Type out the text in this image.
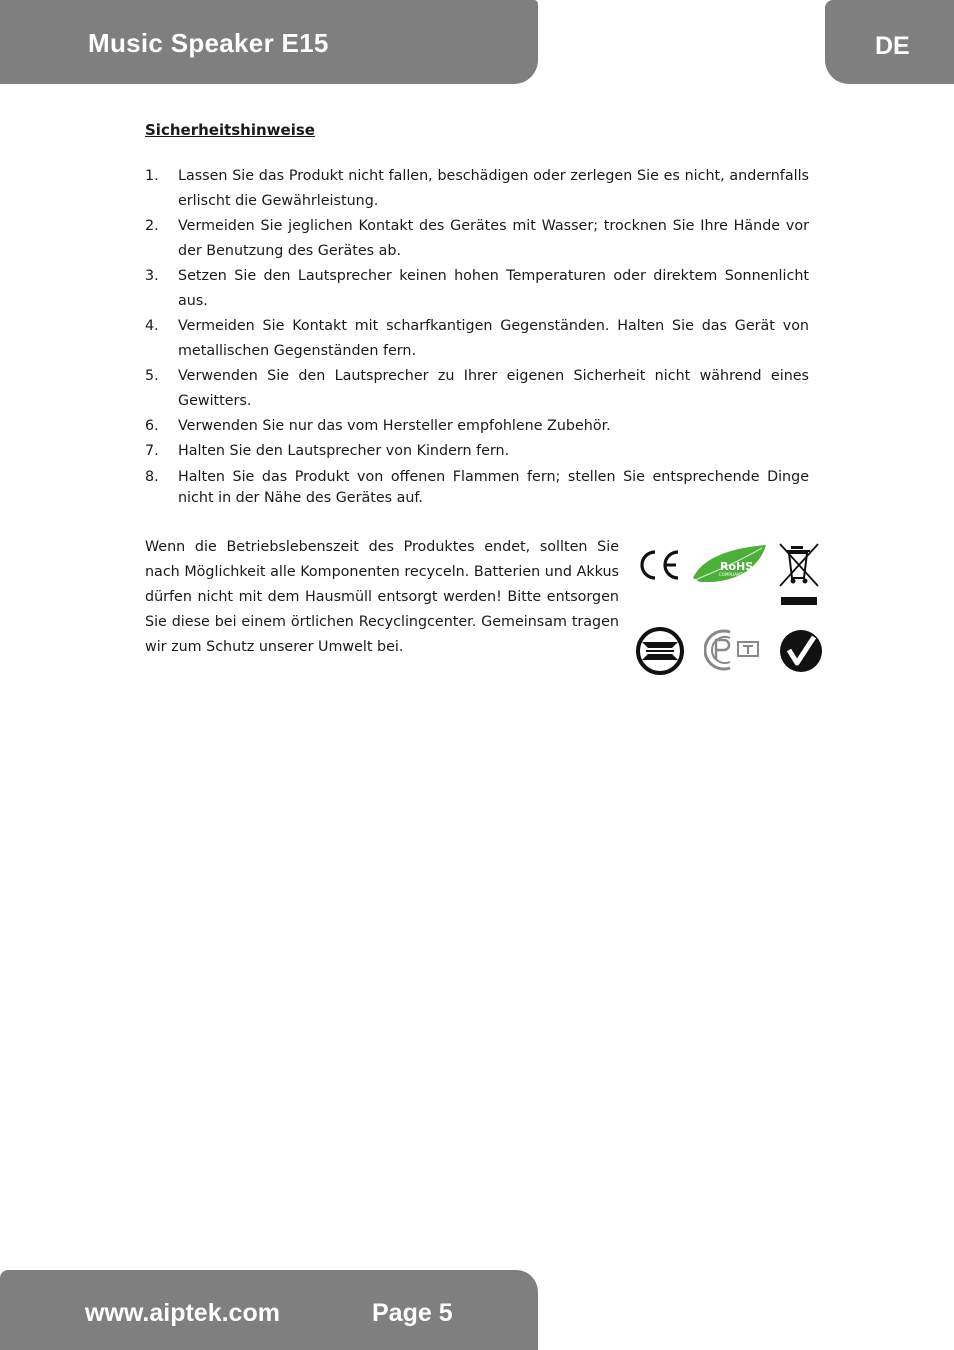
Music Speaker E15	DE
Sicherheitshinweise
1.	Lassen Sie das Produkt nicht fallen, beschädigen oder zerlegen Sie es nicht, andernfalls erlischt die Gewährleistung.
2.	Vermeiden Sie jeglichen Kontakt des Gerätes mit Wasser; trocknen Sie Ihre Hände vor der Benutzung des Gerätes ab.
3.	Setzen Sie den Lautsprecher keinen hohen Temperaturen oder direktem Sonnenlicht aus.
4.	Vermeiden Sie Kontakt mit scharfkantigen Gegenständen. Halten Sie das Gerät von metallischen Gegenständen fern.
5.	Verwenden Sie den Lautsprecher zu Ihrer eigenen Sicherheit nicht während eines Gewitters.
6.	Verwenden Sie nur das vom Hersteller empfohlene Zubehör.
7.	Halten Sie den Lautsprecher von Kindern fern.
8.	Halten Sie das Produkt von offenen Flammen fern; stellen Sie entsprechende Dinge nicht in der Nähe des Gerätes auf.
Wenn die Betriebslebenszeit des Produktes endet, sollten Sie nach Möglichkeit alle Komponenten recyceln. Batterien und Akkus dürfen nicht mit dem Hausmüll entsorgt werden! Bitte entsorgen Sie diese bei einem örtlichen Recyclingcenter. Gemeinsam tragen wir zum Schutz unserer Umwelt bei.
RoHS
COMPLIANT
www.aiptek.com	Page 5
